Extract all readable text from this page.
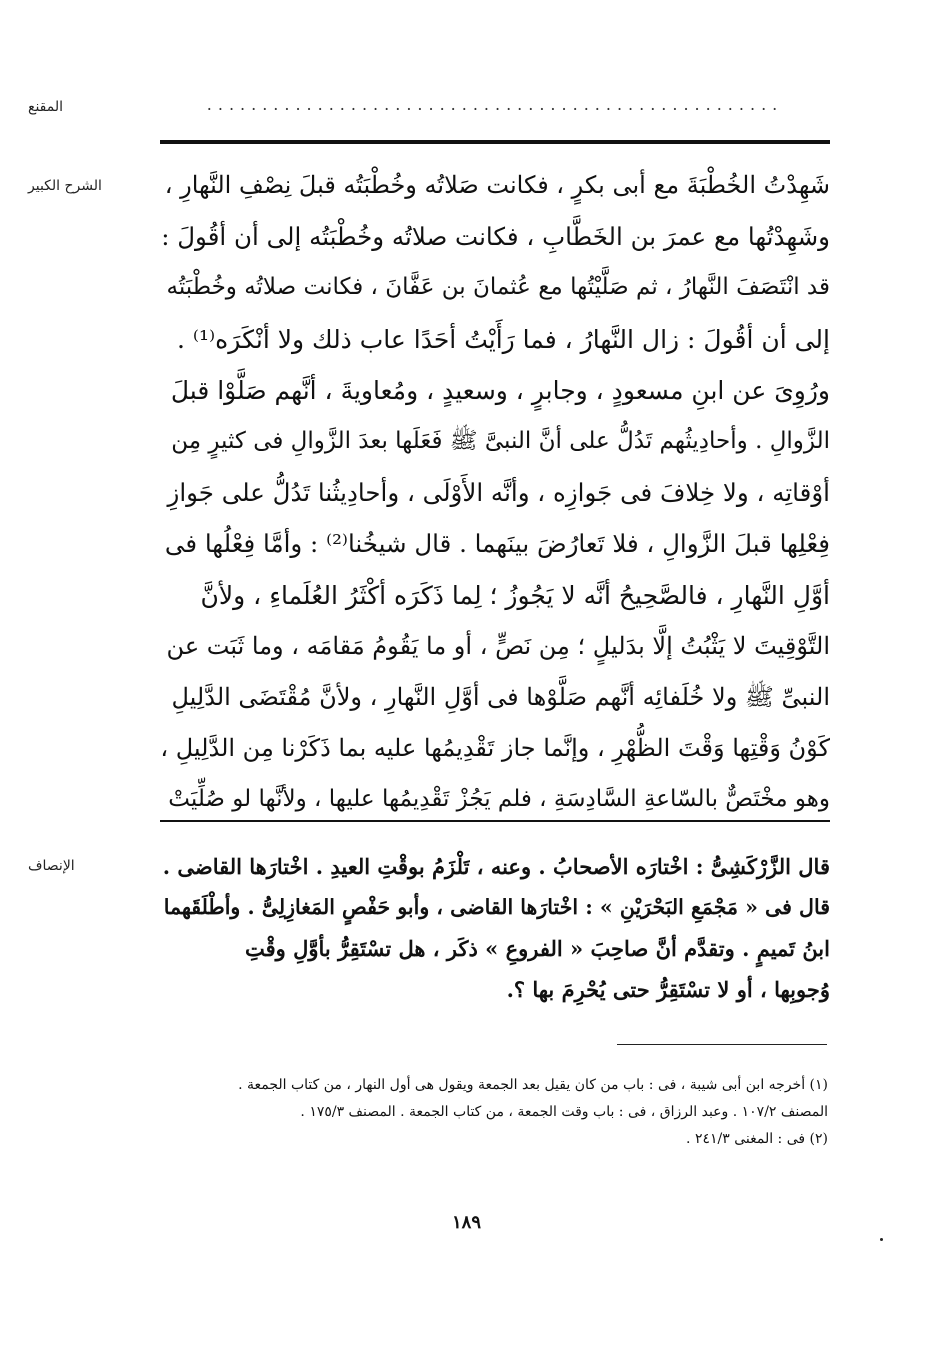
المقنع	....................................................
الشرح الكبير	شَهِدْتُ الخُطْبَةَ مع أبى بكرٍ ، فكانت صَلاتُه وخُطْبَتُه قبلَ نِصْفِ النَّهارِ ،
وشَهِدْتُها مع عمرَ بن الخَطَّابِ ، فكانت صلاتُه وخُطْبَتُه إلى أن أقُولَ :
قد انْتَصَفَ النَّهارُ ، ثم صَلَّيْتُها مع عُثمانَ بن عَفَّانَ ، فكانت صلاتُه وخُطْبَتُه
إلى أن أقُولَ : زال النَّهارُ ، فما رَأَيْتُ أحَدًا عاب ذلك ولا أنْكَرَه⁽¹⁾ .
ورُوِىَ عن ابنِ مسعودٍ ، وجابرٍ ، وسعيدٍ ، ومُعاويةَ ، أنَّهم صَلَّوْا قبلَ
الزَّوالِ . وأحادِيثُهم تَدُلُّ على أنَّ النبىَّ ﷺ فَعَلَها بعدَ الزَّوالِ فى كثيرٍ مِن
أوْقاتِه ، ولا خِلافَ فى جَوازِه ، وأنَّه الأَوْلَى ، وأحادِيثُنا تَدُلُّ على جَوازِ
فِعْلِها قبلَ الزَّوالِ ، فلا تَعارُضَ بينَهما . قال شيخُنا⁽²⁾ : وأمَّا فِعْلُها فى
أوَّلِ النَّهارِ ، فالصَّحِيحُ أنَّه لا يَجُوزُ ؛ لِما ذَكَرَه أكْثَرُ العُلَماءِ ، ولأنَّ
التَّوْقِيتَ لا يَثْبُتُ إلَّا بدَليلٍ ؛ مِن نَصٍّ ، أو ما يَقُومُ مَقامَه ، وما ثَبَت عن
النبىِّ ﷺ ولا خُلَفائِه أنَّهم صَلَّوْها فى أوَّلِ النَّهارِ ، ولأنَّ مُقْتَضَى الدَّلِيلِ
كَوْنُ وَقْتِها وَقْتَ الظُّهْرِ ، وإنَّما جاز تَقْدِيمُها عليه بما ذَكَرْنا مِن الدَّلِيلِ ،
وهو مخْتَصٌّ بالسّاعةِ السَّادِسَةِ ، فلم يَجُزْ تَقْدِيمُها عليها ، ولأنَّها لو صُلِّيَتْ
الإنصاف	قال الزَّرْكَشِىُّ : اخْتارَه الأصحابُ . وعنه ، تَلْزَمُ بوقْتِ العيدِ . اخْتارَها القاضى .
قال فى « مَجْمَعِ البَحْرَيْنِ » : اخْتارَها القاضى ، وأبو حَفْصٍ المَغازِلِىُّ . وأطْلَقَهما
ابنُ تَميمٍ . وتقدَّم أنَّ صاحِبَ « الفروعِ » ذكَر ، هل تسْتَقِرُّ بأوَّلِ وقْتِ
وُجوبِها ، أو لا تسْتَقِرُّ حتى يُحْرِمَ بها ؟.
(١) أخرجه ابن أبى شيبة ، فى : باب من كان يقيل بعد الجمعة ويقول هى أول النهار ، من كتاب الجمعة .
المصنف ١٠٧/٢ . وعبد الرزاق ، فى : باب وقت الجمعة ، من كتاب الجمعة . المصنف ١٧٥/٣ .
(٢) فى : المغنى ٢٤١/٣ .
١٨٩
